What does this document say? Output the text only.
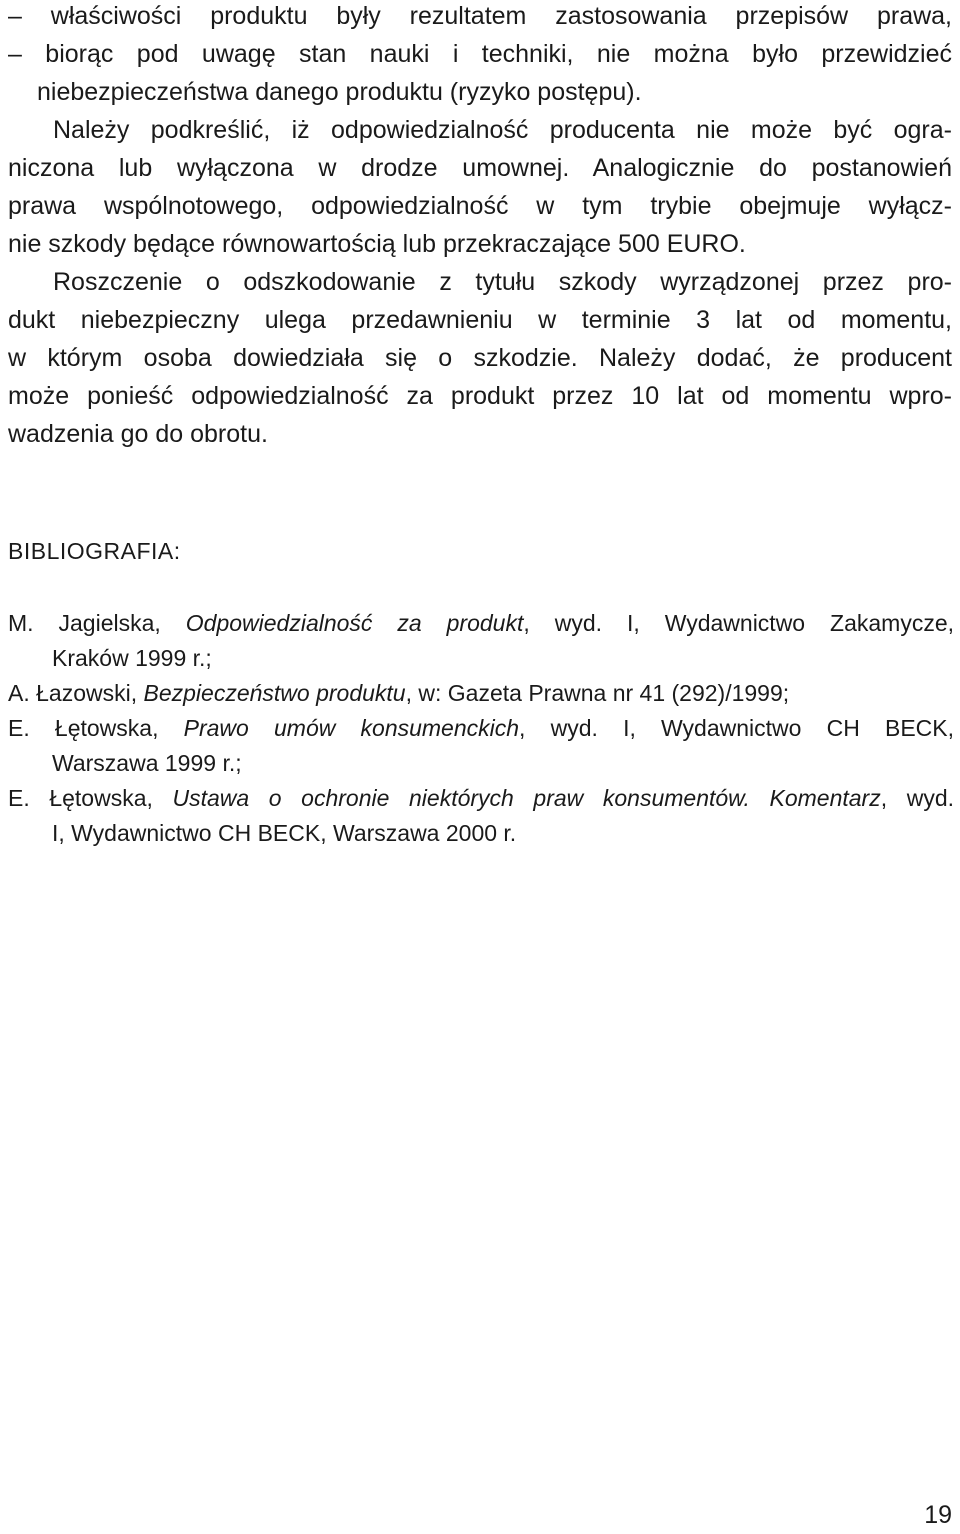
– właściwości produktu były rezultatem zastosowania przepisów prawa,
– biorąc pod uwagę stan nauki i techniki, nie można było przewidzieć
niebezpieczeństwa danego produktu (ryzyko postępu).
Należy podkreślić, iż odpowiedzialność producenta nie może być ogra-
niczona lub wyłączona w drodze umownej. Analogicznie do postanowień
prawa wspólnotowego, odpowiedzialność w tym trybie obejmuje wyłącz-
nie szkody będące równowartością lub przekraczające 500 EURO.
Roszczenie o odszkodowanie z tytułu szkody wyrządzonej przez pro-
dukt niebezpieczny ulega przedawnieniu w terminie 3 lat od momentu,
w którym osoba dowiedziała się o szkodzie. Należy dodać, że producent
może ponieść odpowiedzialność za produkt przez 10 lat od momentu wpro-
wadzenia go do obrotu.
BIBLIOGRAFIA:
M. Jagielska, Odpowiedzialność za produkt, wyd. I, Wydawnictwo Zakamycze,
Kraków 1999 r.;
A. Łazowski, Bezpieczeństwo produktu, w: Gazeta Prawna nr 41 (292)/1999;
E. Łętowska, Prawo umów konsumenckich, wyd. I, Wydawnictwo CH BECK,
Warszawa 1999 r.;
E. Łętowska, Ustawa o ochronie niektórych praw konsumentów. Komentarz, wyd.
I, Wydawnictwo CH BECK, Warszawa 2000 r.
19
